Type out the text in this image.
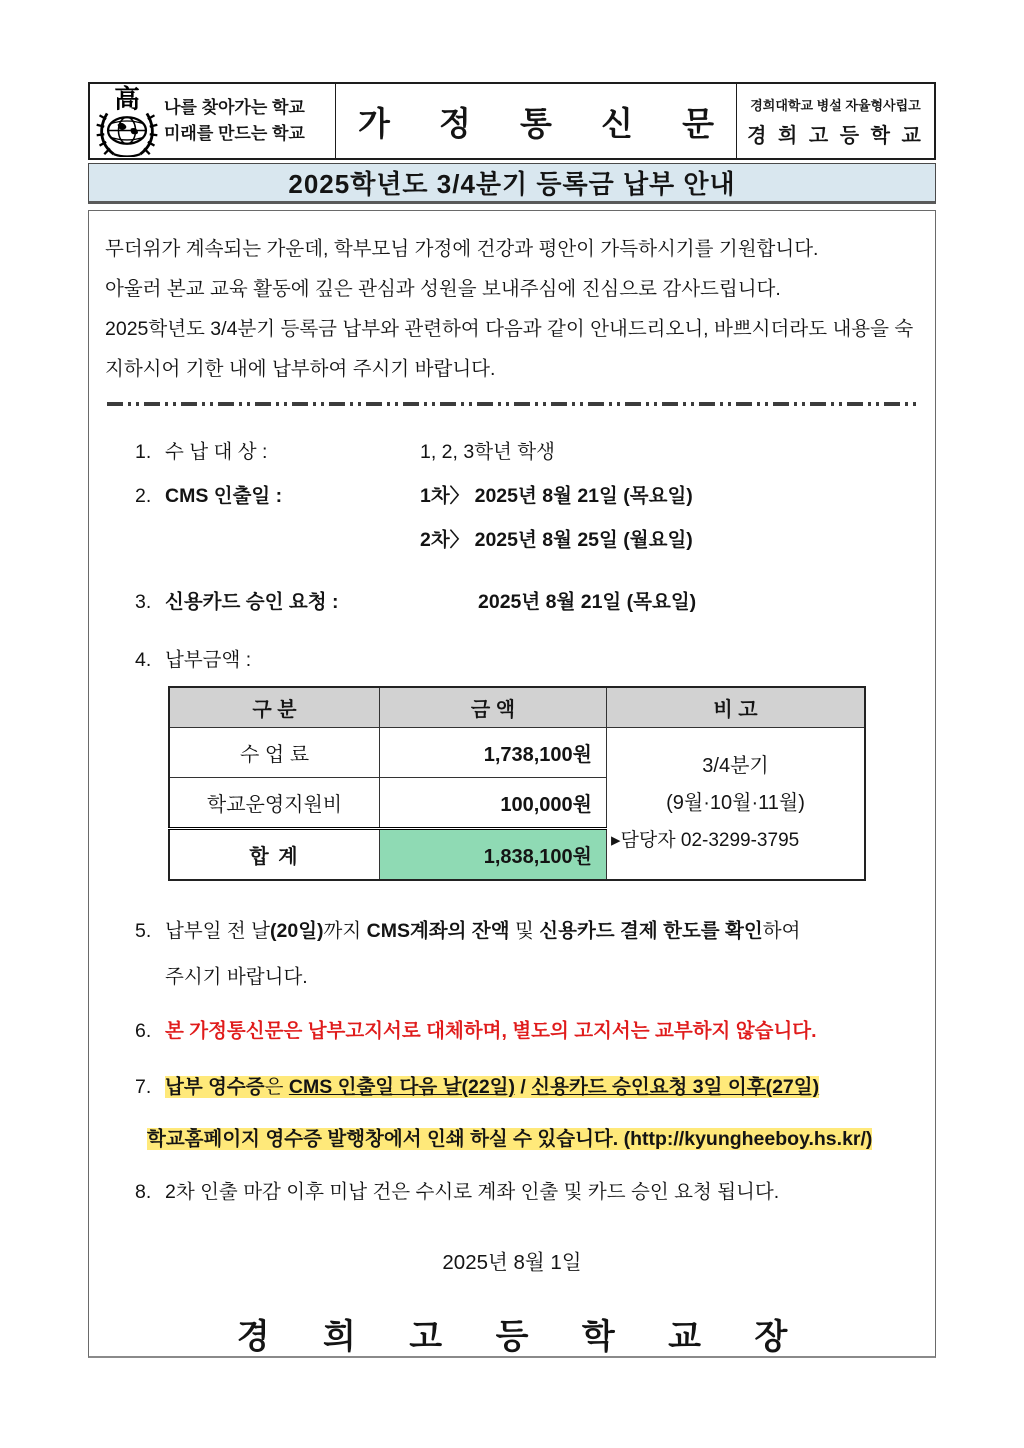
高 나를 찾아가는 학교
미래를 만드는 학교	가 정 통 신 문 경희대학교 병설 자율형사립고
경 희 고 등 학 교
2025학년도 3/4분기 등록금 납부 안내
무더위가 계속되는 가운데, 학부모님 가정에 건강과 평안이 가득하시기를 기원합니다.
아울러 본교 교육 활동에 깊은 관심과 성원을 보내주심에 진심으로 감사드립니다.
2025학년도 3/4분기 등록금 납부와 관련하여 다음과 같이 안내드리오니, 바쁘시더라도 내용을 숙지하시어 기한 내에 납부하여 주시기 바랍니다.
1. 수 납 대 상 :	1, 2, 3학년 학생
2. CMS 인출일 :	1차〉 2025년 8월 21일 (목요일)
2차〉 2025년 8월 25일 (월요일)
3. 신용카드 승인 요청 :	2025년 8월 21일 (목요일)
4. 납부금액 :
구 분	금 액	비 고
수 업 료	1,738,100원	3/4분기
(9월·10월·11월)
▸담당자 02-3299-3795

학교운영지원비	100,000원	
합 계	1,838,100원	
5. 납부일 전 날(20일)까지 CMS계좌의 잔액 및 신용카드 결제 한도를 확인하여
주시기 바랍니다.
6. 본 가정통신문은 납부고지서로 대체하며, 별도의 고지서는 교부하지 않습니다.
7. 납부 영수증은 CMS 인출일 다음 날(22일) / 신용카드 승인요청 3일 이후(27일)
학교홈페이지 영수증 발행창에서 인쇄 하실 수 있습니다. (http://kyungheeboy.hs.kr/)
8. 2차 인출 마감 이후 미납 건은 수시로 계좌 인출 및 카드 승인 요청 됩니다.
2025년 8월 1일
경 희 고 등 학 교 장
